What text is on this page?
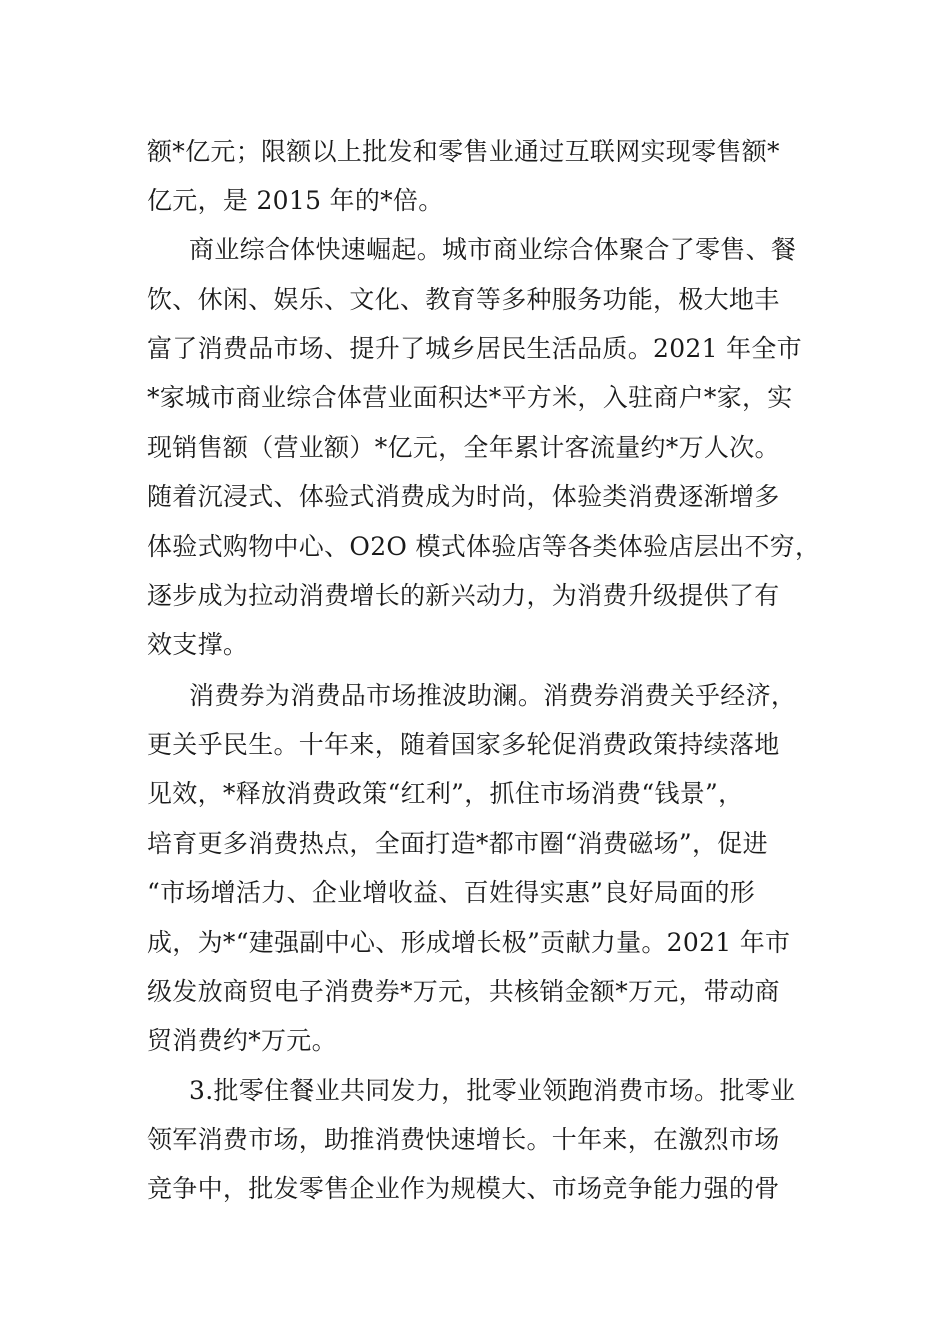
额*亿元；限额以上批发和零售业通过互联网实现零售额*
亿元，是 2015 年的*倍。
商业综合体快速崛起。城市商业综合体聚合了零售、餐
饮、休闲、娱乐、文化、教育等多种服务功能，极大地丰
富了消费品市场、提升了城乡居民生活品质。2021 年全市
*家城市商业综合体营业面积达*平方米，入驻商户*家，实
现销售额（营业额）*亿元，全年累计客流量约*万人次。
随着沉浸式、体验式消费成为时尚，体验类消费逐渐增多
体验式购物中心、O2O 模式体验店等各类体验店层出不穷，
逐步成为拉动消费增长的新兴动力，为消费升级提供了有
效支撑。
消费券为消费品市场推波助澜。消费券消费关乎经济，
更关乎民生。十年来，随着国家多轮促消费政策持续落地
见效，*释放消费政策“红利”，抓住市场消费“钱景”，
培育更多消费热点，全面打造*都市圈“消费磁场”，促进
“市场增活力、企业增收益、百姓得实惠”良好局面的形
成，为*“建强副中心、形成增长极”贡献力量。2021 年市
级发放商贸电子消费券*万元，共核销金额*万元，带动商
贸消费约*万元。
3.批零住餐业共同发力，批零业领跑消费市场。批零业
领军消费市场，助推消费快速增长。十年来，在激烈市场
竞争中，批发零售企业作为规模大、市场竞争能力强的骨
